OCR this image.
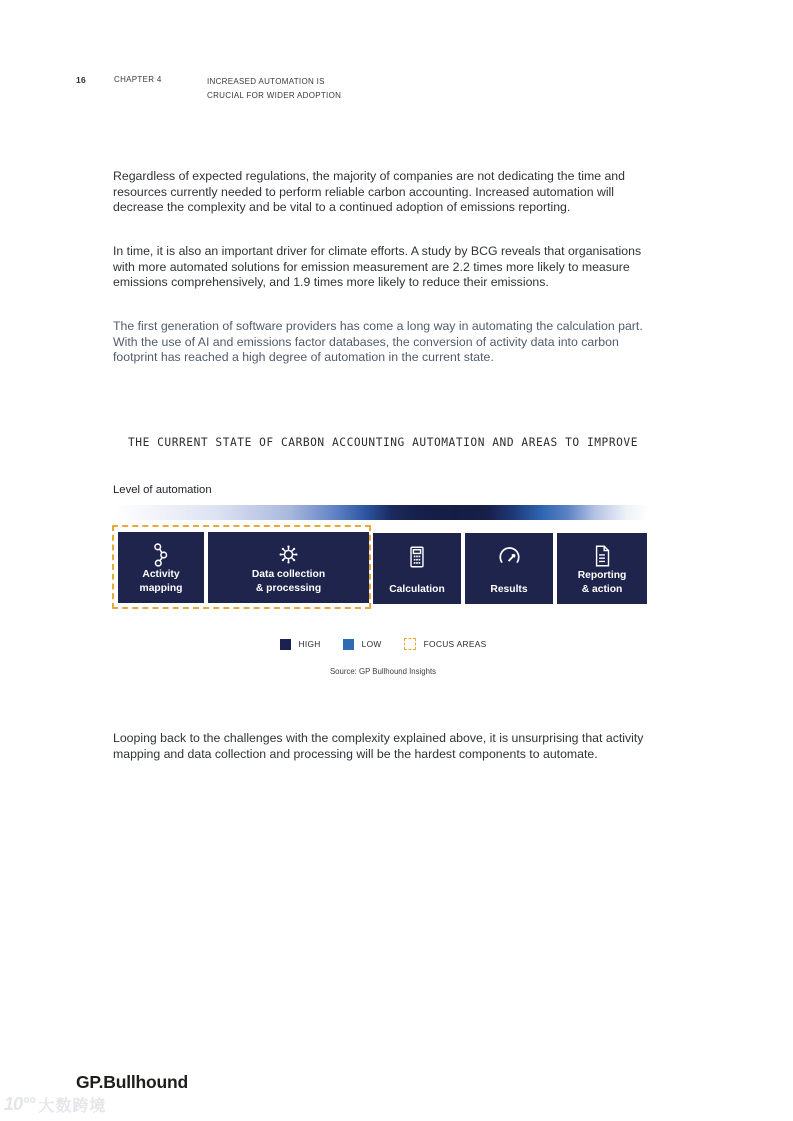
16	CHAPTER 4	INCREASED AUTOMATION IS
CRUCIAL FOR WIDER ADOPTION
Regardless of expected regulations, the majority of companies are not dedicating the time and resources currently needed to perform reliable carbon accounting. Increased automation will decrease the complexity and be vital to a continued adoption of emissions reporting.
In time, it is also an important driver for climate efforts. A study by BCG reveals that organisations with more automated solutions for emission measurement are 2.2 times more likely to measure emissions comprehensively, and 1.9 times more likely to reduce their emissions.
The first generation of software providers has come a long way in automating the calculation part. With the use of AI and emissions factor databases, the conversion of activity data into carbon footprint has reached a high degree of automation in the current state.
THE CURRENT STATE OF CARBON ACCOUNTING AUTOMATION AND AREAS TO IMPROVE
Level of automation
Activity
mapping
Data collection
& processing	Calculation	Results
Reporting
& action
HIGH	LOW	FOCUS AREAS
Source: GP Bullhound Insights
Looping back to the challenges with the complexity explained above, it is unsurprising that activity mapping and data collection and processing will be the hardest components to automate.
GP.Bullhound
10°° 大数跨境
